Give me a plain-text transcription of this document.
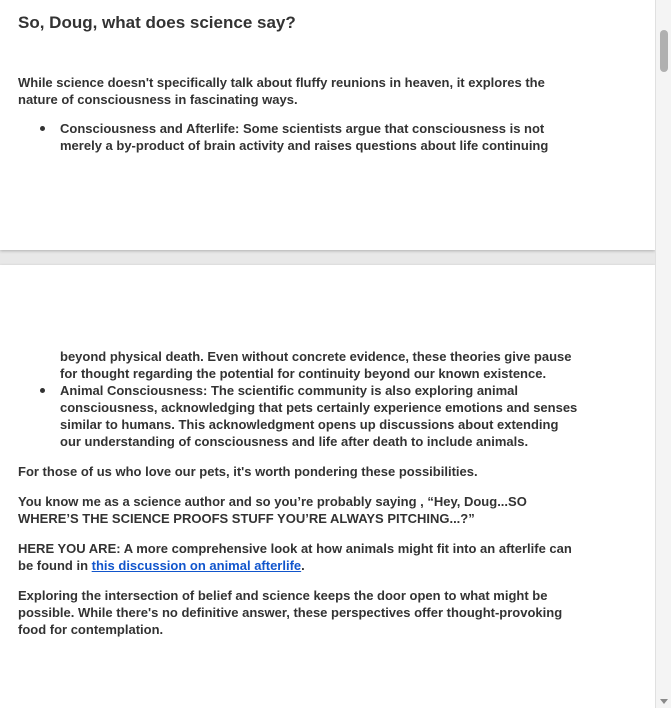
So, Doug, what does science say?

While science doesn't specifically talk about fluffy reunions in heaven, it explores the nature of consciousness in fascinating ways.

Consciousness and Afterlife: Some scientists argue that consciousness is not merely a by-product of brain activity and raises questions about life continuing
beyond physical death. Even without concrete evidence, these theories give pause for thought regarding the potential for continuity beyond our known existence.
Animal Consciousness: The scientific community is also exploring animal consciousness, acknowledging that pets certainly experience emotions and senses similar to humans. This acknowledgment opens up discussions about extending our understanding of consciousness and life after death to include animals.

For those of us who love our pets, it's worth pondering these possibilities.

You know me as a science author and so you’re probably saying , “Hey, Doug...SO WHERE’S THE SCIENCE PROOFS STUFF YOU’RE ALWAYS PITCHING...?”

HERE YOU ARE: A more comprehensive look at how animals might fit into an afterlife can be found in this discussion on animal afterlife.

Exploring the intersection of belief and science keeps the door open to what might be possible. While there's no definitive answer, these perspectives offer thought-provoking food for contemplation.
